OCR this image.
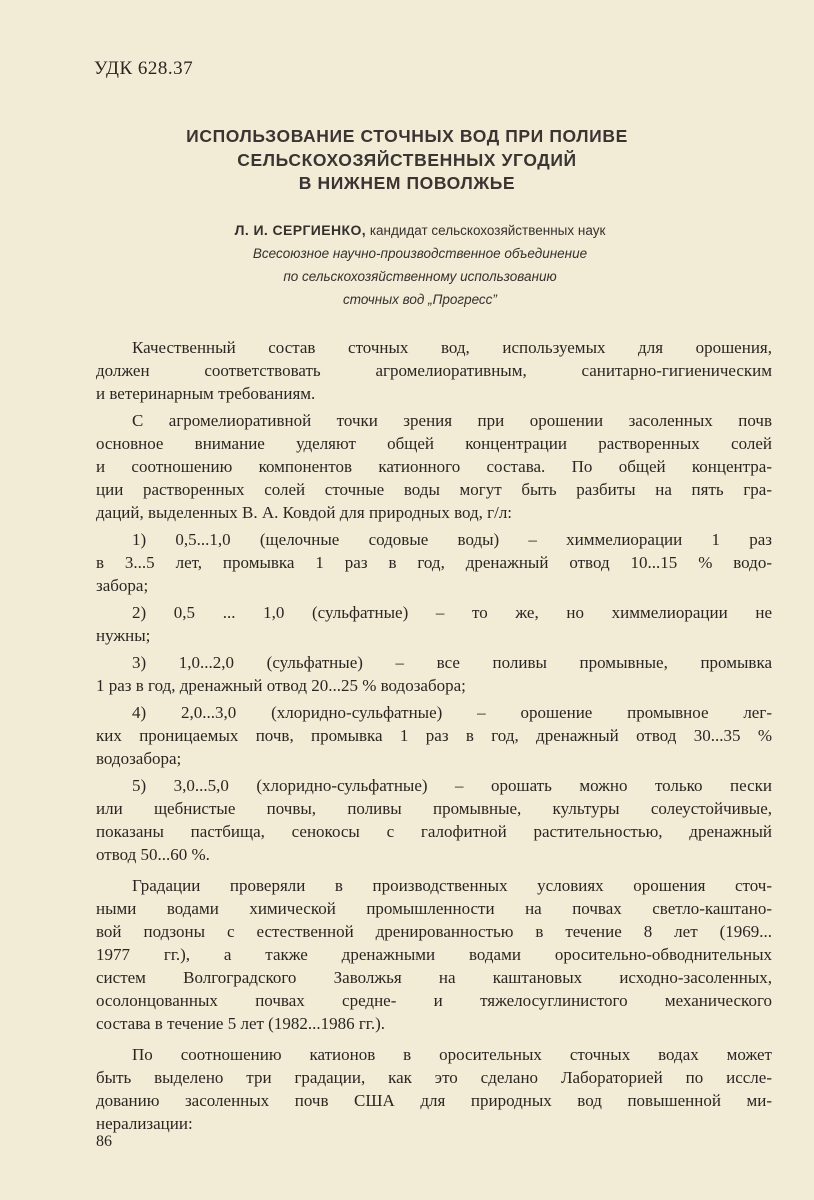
УДК 628.37
ИСПОЛЬЗОВАНИЕ СТОЧНЫХ ВОД ПРИ ПОЛИВЕ
СЕЛЬСКОХОЗЯЙСТВЕННЫХ УГОДИЙ
В НИЖНЕМ ПОВОЛЖЬЕ
Л. И. СЕРГИЕНКО, кандидат сельскохозяйственных наук
Всесоюзное научно-производственное объединение
по сельскохозяйственному использованию
сточных вод „Прогресс”
Качественный состав сточных вод, используемых для орошения,
должен соответствовать агромелиоративным, санитарно-гигиеническим
и ветеринарным требованиям.
С агромелиоративной точки зрения при орошении засоленных почв
основное внимание уделяют общей концентрации растворенных солей
и соотношению компонентов катионного состава. По общей концентра-
ции растворенных солей сточные воды могут быть разбиты на пять гра-
даций, выделенных В. А. Ковдой для природных вод, г/л:
1) 0,5...1,0 (щелочные содовые воды) – химмелиорации 1 раз
в 3...5 лет, промывка 1 раз в год, дренажный отвод 10...15 % водо-
забора;
2) 0,5 ... 1,0 (сульфатные) – то же, но химмелиорации не
нужны;
3) 1,0...2,0 (сульфатные) – все поливы промывные, промывка
1 раз в год, дренажный отвод 20...25 % водозабора;
4) 2,0...3,0 (хлоридно-сульфатные) – орошение промывное лег-
ких проницаемых почв, промывка 1 раз в год, дренажный отвод 30...35 %
водозабора;
5) 3,0...5,0 (хлоридно-сульфатные) – орошать можно только пески
или щебнистые почвы, поливы промывные, культуры солеустойчивые,
показаны пастбища, сенокосы с галофитной растительностью, дренажный
отвод 50...60 %.
Градации проверяли в производственных условиях орошения сточ-
ными водами химической промышленности на почвах светло-каштано-
вой подзоны с естественной дренированностью в течение 8 лет (1969...
1977 гг.), а также дренажными водами оросительно-обводнительных
систем Волгоградского Заволжья на каштановых исходно-засоленных,
осолонцованных почвах средне- и тяжелосуглинистого механического
состава в течение 5 лет (1982...1986 гг.).
По соотношению катионов в оросительных сточных водах может
быть выделено три градации, как это сделано Лабораторией по иссле-
дованию засоленных почв США для природных вод повышенной ми-
нерализации:
86
